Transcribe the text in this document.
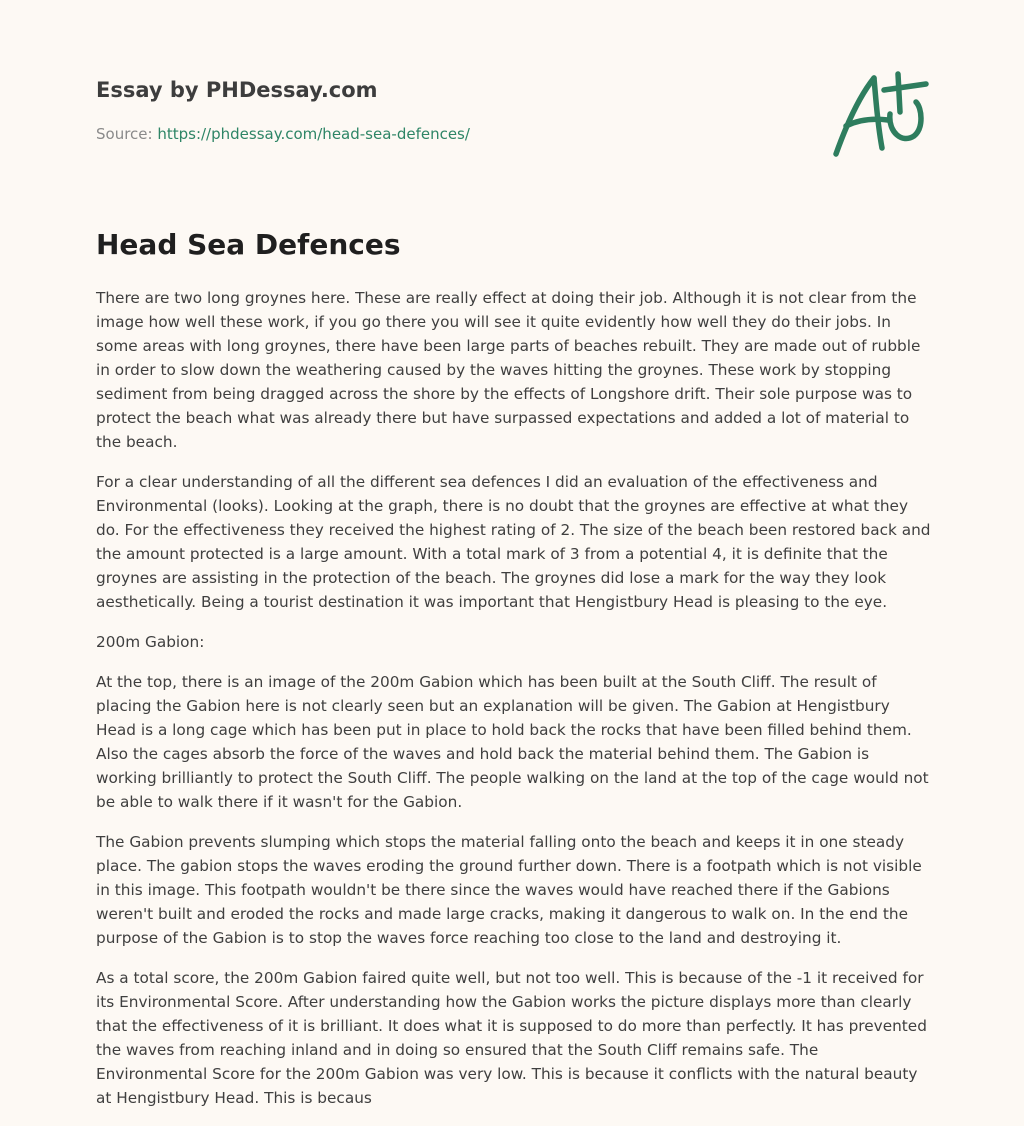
Essay by PHDessay.com

Source: https://phdessay.com/head-sea-defences/
Head Sea Defences

There are two long groynes here. These are really effect at doing their job. Although it is not clear from the image how well these work, if you go there you will see it quite evidently how well they do their jobs. In some areas with long groynes, there have been large parts of beaches rebuilt. They are made out of rubble in order to slow down the weathering caused by the waves hitting the groynes. These work by stopping sediment from being dragged across the shore by the effects of Longshore drift. Their sole purpose was to protect the beach what was already there but have surpassed expectations and added a lot of material to the beach.

For a clear understanding of all the different sea defences I did an evaluation of the effectiveness and Environmental (looks). Looking at the graph, there is no doubt that the groynes are effective at what they do. For the effectiveness they received the highest rating of 2. The size of the beach been restored back and the amount protected is a large amount. With a total mark of 3 from a potential 4, it is definite that the groynes are assisting in the protection of the beach. The groynes did lose a mark for the way they look aesthetically. Being a tourist destination it was important that Hengistbury Head is pleasing to the eye.

200m Gabion:

At the top, there is an image of the 200m Gabion which has been built at the South Cliff. The result of placing the Gabion here is not clearly seen but an explanation will be given. The Gabion at Hengistbury Head is a long cage which has been put in place to hold back the rocks that have been filled behind them. Also the cages absorb the force of the waves and hold back the material behind them. The Gabion is working brilliantly to protect the South Cliff. The people walking on the land at the top of the cage would not be able to walk there if it wasn't for the Gabion.

The Gabion prevents slumping which stops the material falling onto the beach and keeps it in one steady place. The gabion stops the waves eroding the ground further down. There is a footpath which is not visible in this image. This footpath wouldn't be there since the waves would have reached there if the Gabions weren't built and eroded the rocks and made large cracks, making it dangerous to walk on. In the end the purpose of the Gabion is to stop the waves force reaching too close to the land and destroying it.

As a total score, the 200m Gabion faired quite well, but not too well. This is because of the -1 it received for its Environmental Score. After understanding how the Gabion works the picture displays more than clearly that the effectiveness of it is brilliant. It does what it is supposed to do more than perfectly. It has prevented the waves from reaching inland and in doing so ensured that the South Cliff remains safe. The Environmental Score for the 200m Gabion was very low. This is because it conflicts with the natural beauty at Hengistbury Head. This is becaus
